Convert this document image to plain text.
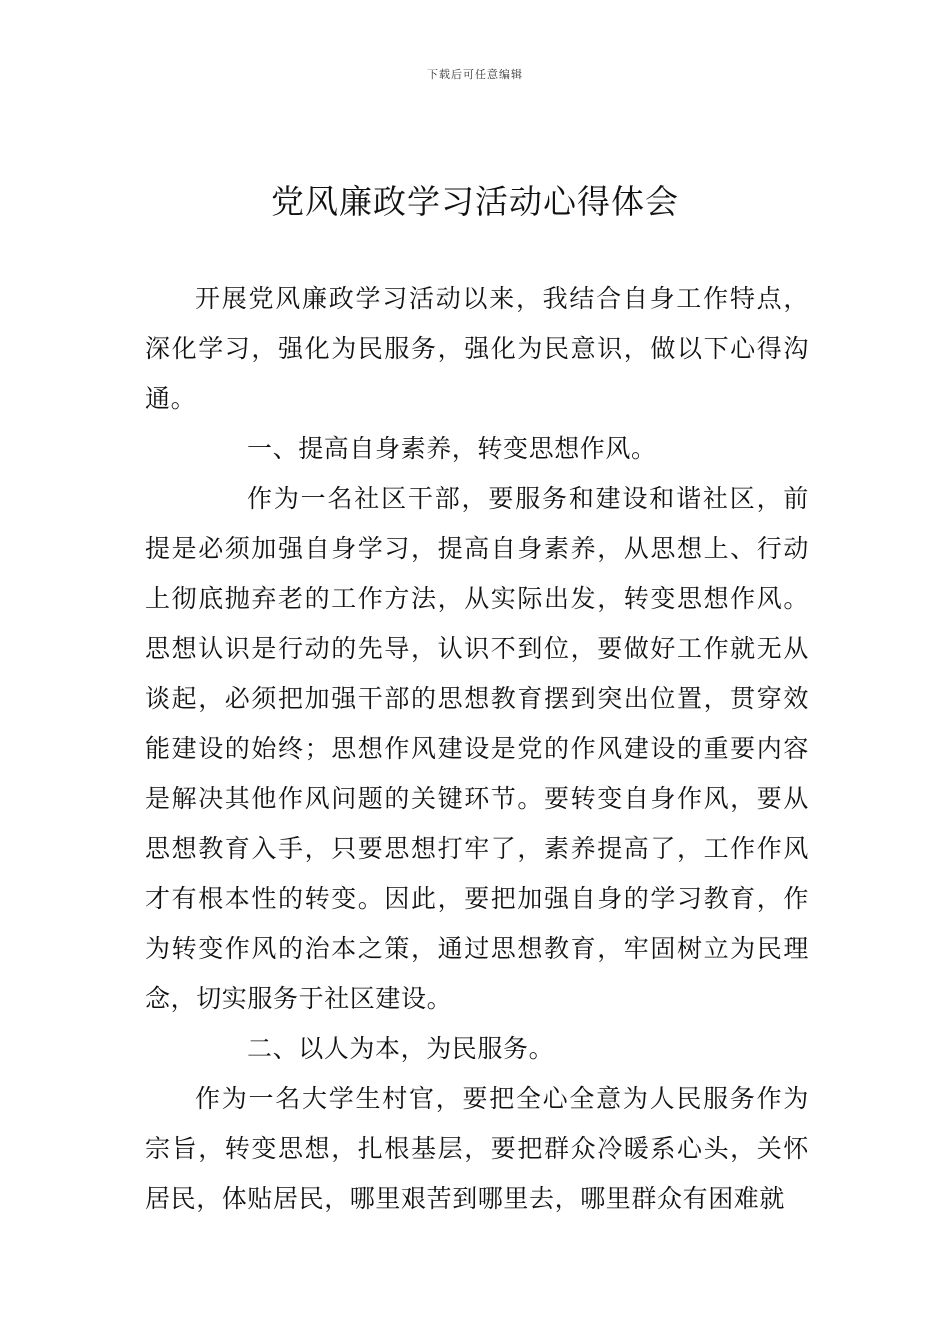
下载后可任意编辑
党风廉政学习活动心得体会

开展党风廉政学习活动以来，我结合自身工作特点，深化学习，强化为民服务，强化为民意识，做以下心得沟通。

一、提高自身素养，转变思想作风。

作为一名社区干部，要服务和建设和谐社区，前提是必须加强自身学习，提高自身素养，从思想上、行动上彻底抛弃老的工作方法，从实际出发，转变思想作风。思想认识是行动的先导，认识不到位，要做好工作就无从谈起，必须把加强干部的思想教育摆到突出位置，贯穿效能建设的始终；思想作风建设是党的作风建设的重要内容是解决其他作风问题的关键环节。要转变自身作风，要从思想教育入手，只要思想打牢了，素养提高了，工作作风才有根本性的转变。因此，要把加强自身的学习教育，作为转变作风的治本之策，通过思想教育，牢固树立为民理念，切实服务于社区建设。

二、以人为本，为民服务。

作为一名大学生村官，要把全心全意为人民服务作为宗旨，转变思想，扎根基层，要把群众冷暖系心头，关怀居民，体贴居民，哪里艰苦到哪里去，哪里群众有困难就
